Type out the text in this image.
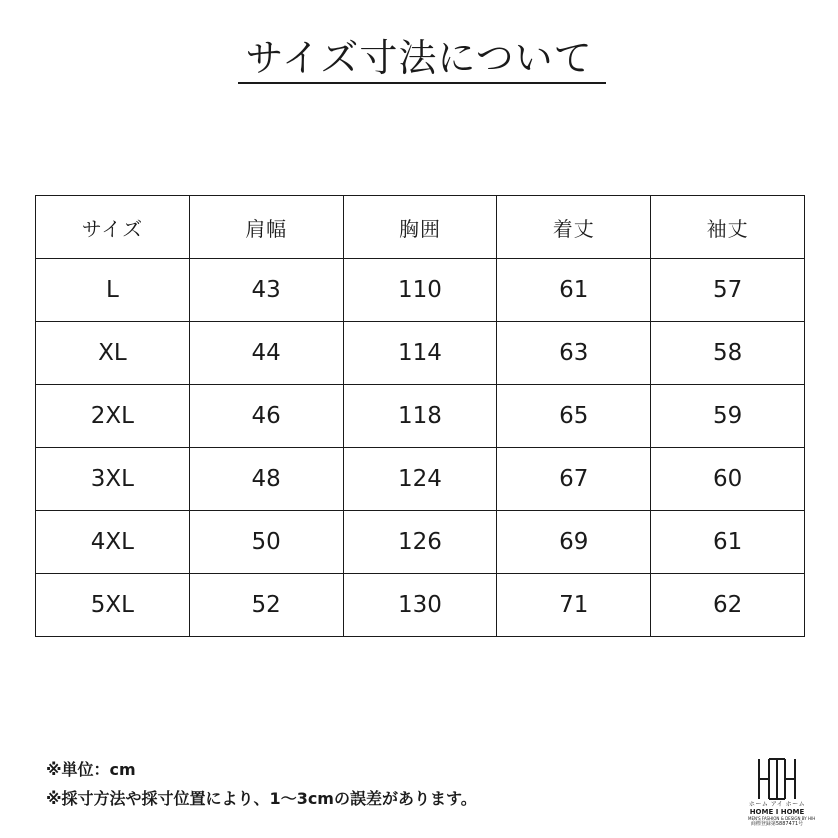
サイズ寸法について
サイズ	肩幅	胸囲	着丈	袖丈
L	43	110	61	57
XL	44	114	63	58
2XL	46	118	65	59
3XL	48	124	67	60
4XL	50	126	69	61
5XL	52	130	71	62
※単位：cm
※採寸方法や採寸位置により、1～3cmの誤差があります。	ホーム アイ ホーム
HOME I HOME
MEN'S FASHION & DESIGN BY HIH
商標登録第5887471号
